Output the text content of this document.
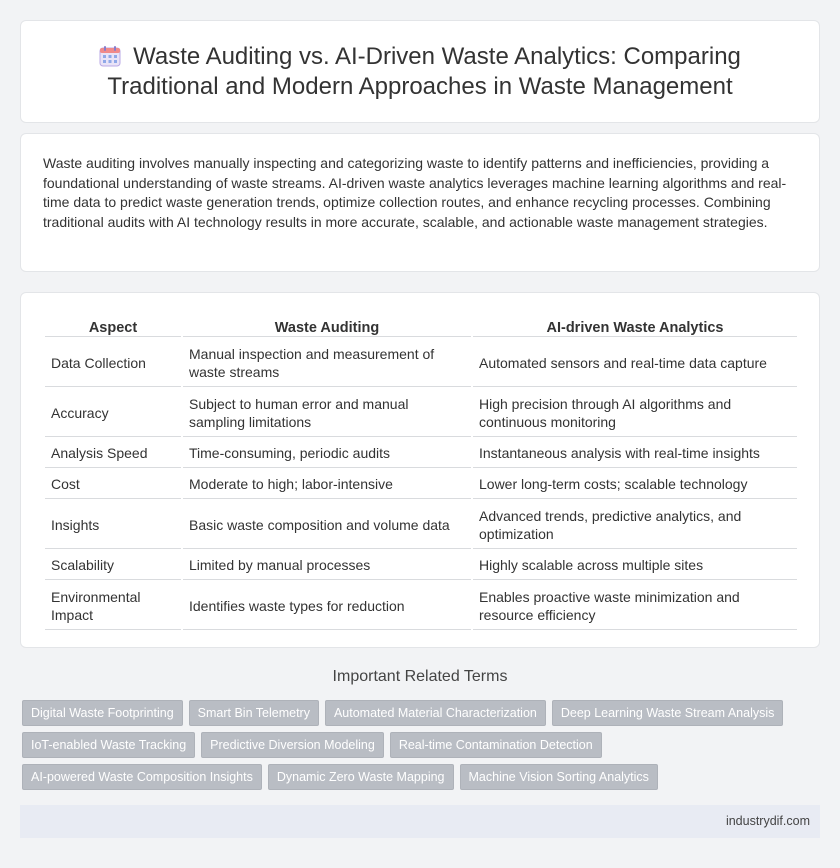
Waste Auditing vs. AI-Driven Waste Analytics: Comparing Traditional and Modern Approaches in Waste Management

Waste auditing involves manually inspecting and categorizing waste to identify patterns and inefficiencies, providing a foundational understanding of waste streams. AI-driven waste analytics leverages machine learning algorithms and real-time data to predict waste generation trends, optimize collection routes, and enhance recycling processes. Combining traditional audits with AI technology results in more accurate, scalable, and actionable waste management strategies.

Aspect	Waste Auditing	AI-driven Waste Analytics
Data Collection	Manual inspection and measurement of waste streams	Automated sensors and real-time data capture
Accuracy	Subject to human error and manual sampling limitations	High precision through AI algorithms and continuous monitoring
Analysis Speed	Time-consuming, periodic audits	Instantaneous analysis with real-time insights
Cost	Moderate to high; labor-intensive	Lower long-term costs; scalable technology
Insights	Basic waste composition and volume data	Advanced trends, predictive analytics, and optimization
Scalability	Limited by manual processes	Highly scalable across multiple sites
Environmental Impact	Identifies waste types for reduction	Enables proactive waste minimization and resource efficiency
Important Related Terms
Digital Waste Footprinting	Smart Bin Telemetry	Automated Material Characterization	Deep Learning Waste Stream Analysis
IoT-enabled Waste Tracking	Predictive Diversion Modeling	Real-time Contamination Detection
AI-powered Waste Composition Insights	Dynamic Zero Waste Mapping	Machine Vision Sorting Analytics
industrydif.com
